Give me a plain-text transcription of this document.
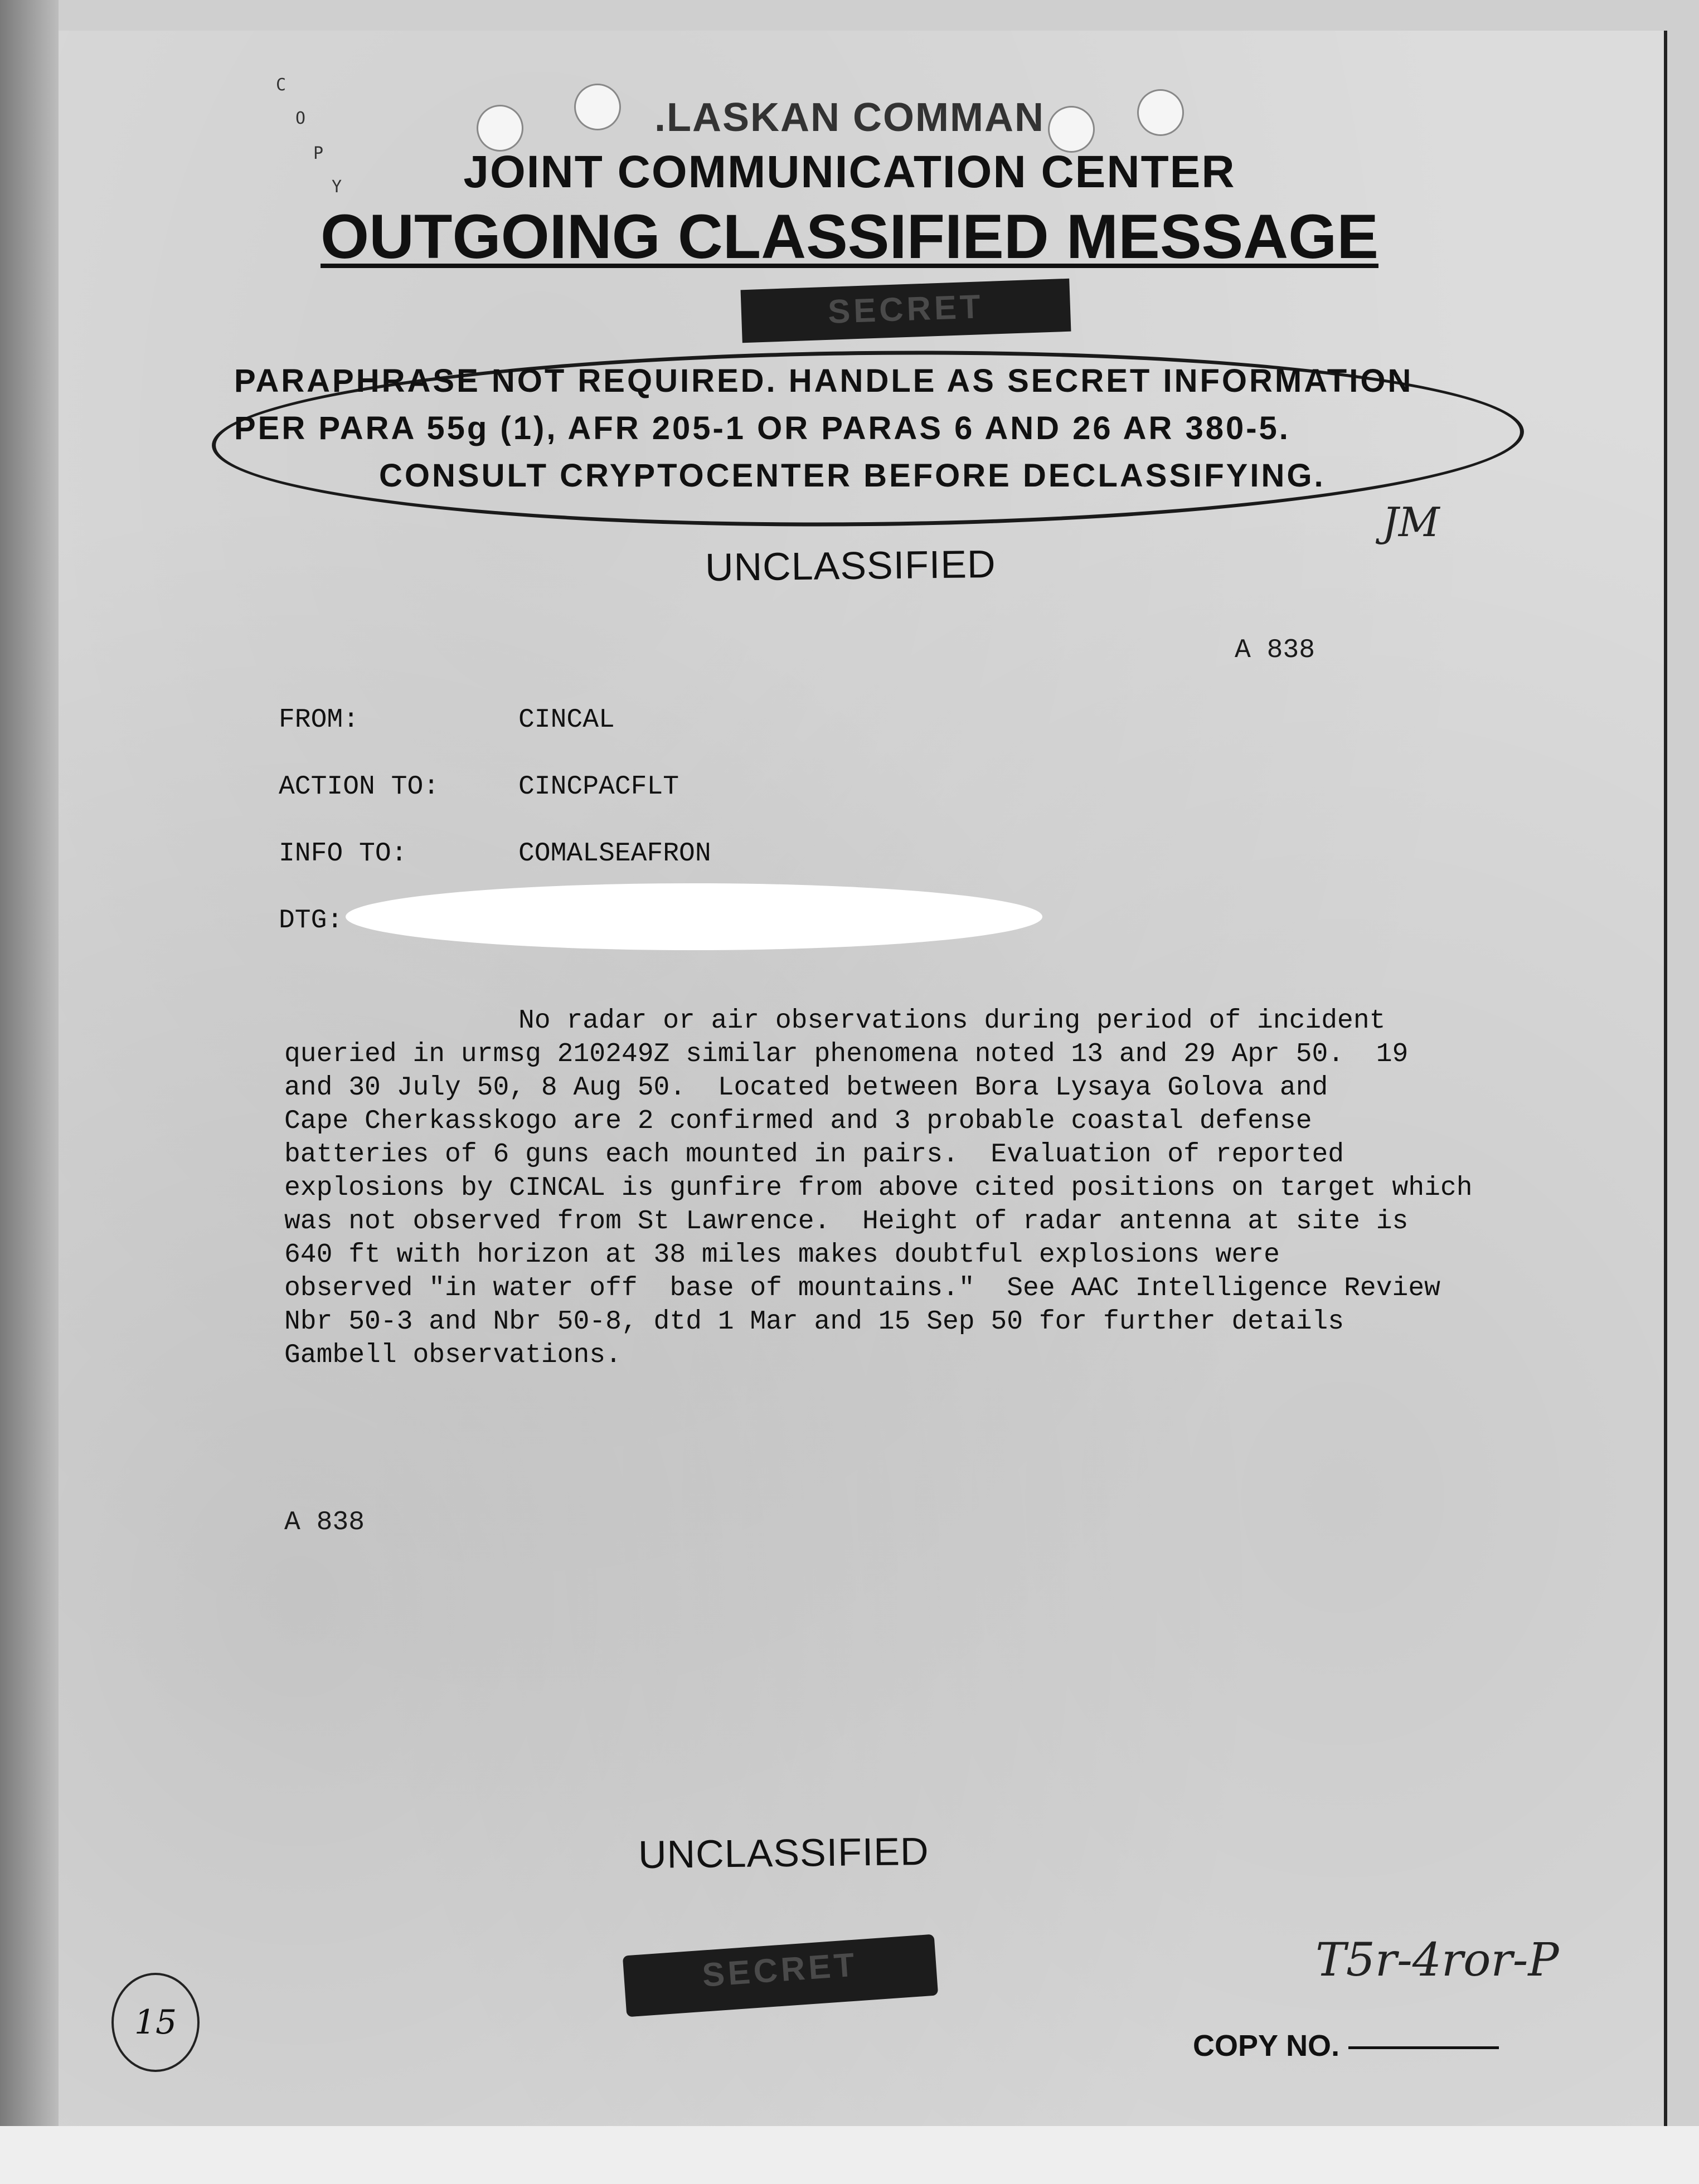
C
O
P
Y
.LASKAN COMMAN
JOINT COMMUNICATION CENTER
OUTGOING CLASSIFIED MESSAGE
SECRET
PARAPHRASE NOT REQUIRED. HANDLE AS SECRET INFORMATION
PER PARA 55g (1), AFR 205-1 OR PARAS 6 AND 26 AR 380-5.
CONSULT CRYPTOCENTER BEFORE DECLASSIFYING.
JM
UNCLASSIFIED
A 838
FROM:	CINCAL
ACTION TO:	CINCPACFLT
INFO TO:	COMALSEAFRON
DTG:
No radar or air observations during period of incident
queried in urmsg 210249Z similar phenomena noted 13 and 29 Apr 50.  19
and 30 July 50, 8 Aug 50.  Located between Bora Lysaya Golova and
Cape Cherkasskogo are 2 confirmed and 3 probable coastal defense
batteries of 6 guns each mounted in pairs.  Evaluation of reported
explosions by CINCAL is gunfire from above cited positions on target which
was not observed from St Lawrence.  Height of radar antenna at site is
640 ft with horizon at 38 miles makes doubtful explosions were
observed "in water off  base of mountains."  See AAC Intelligence Review
Nbr 50-3 and Nbr 50-8, dtd 1 Mar and 15 Sep 50 for further details
Gambell observations.
A 838
UNCLASSIFIED
SECRET	T5r-4ror-P
COPY NO.
15
